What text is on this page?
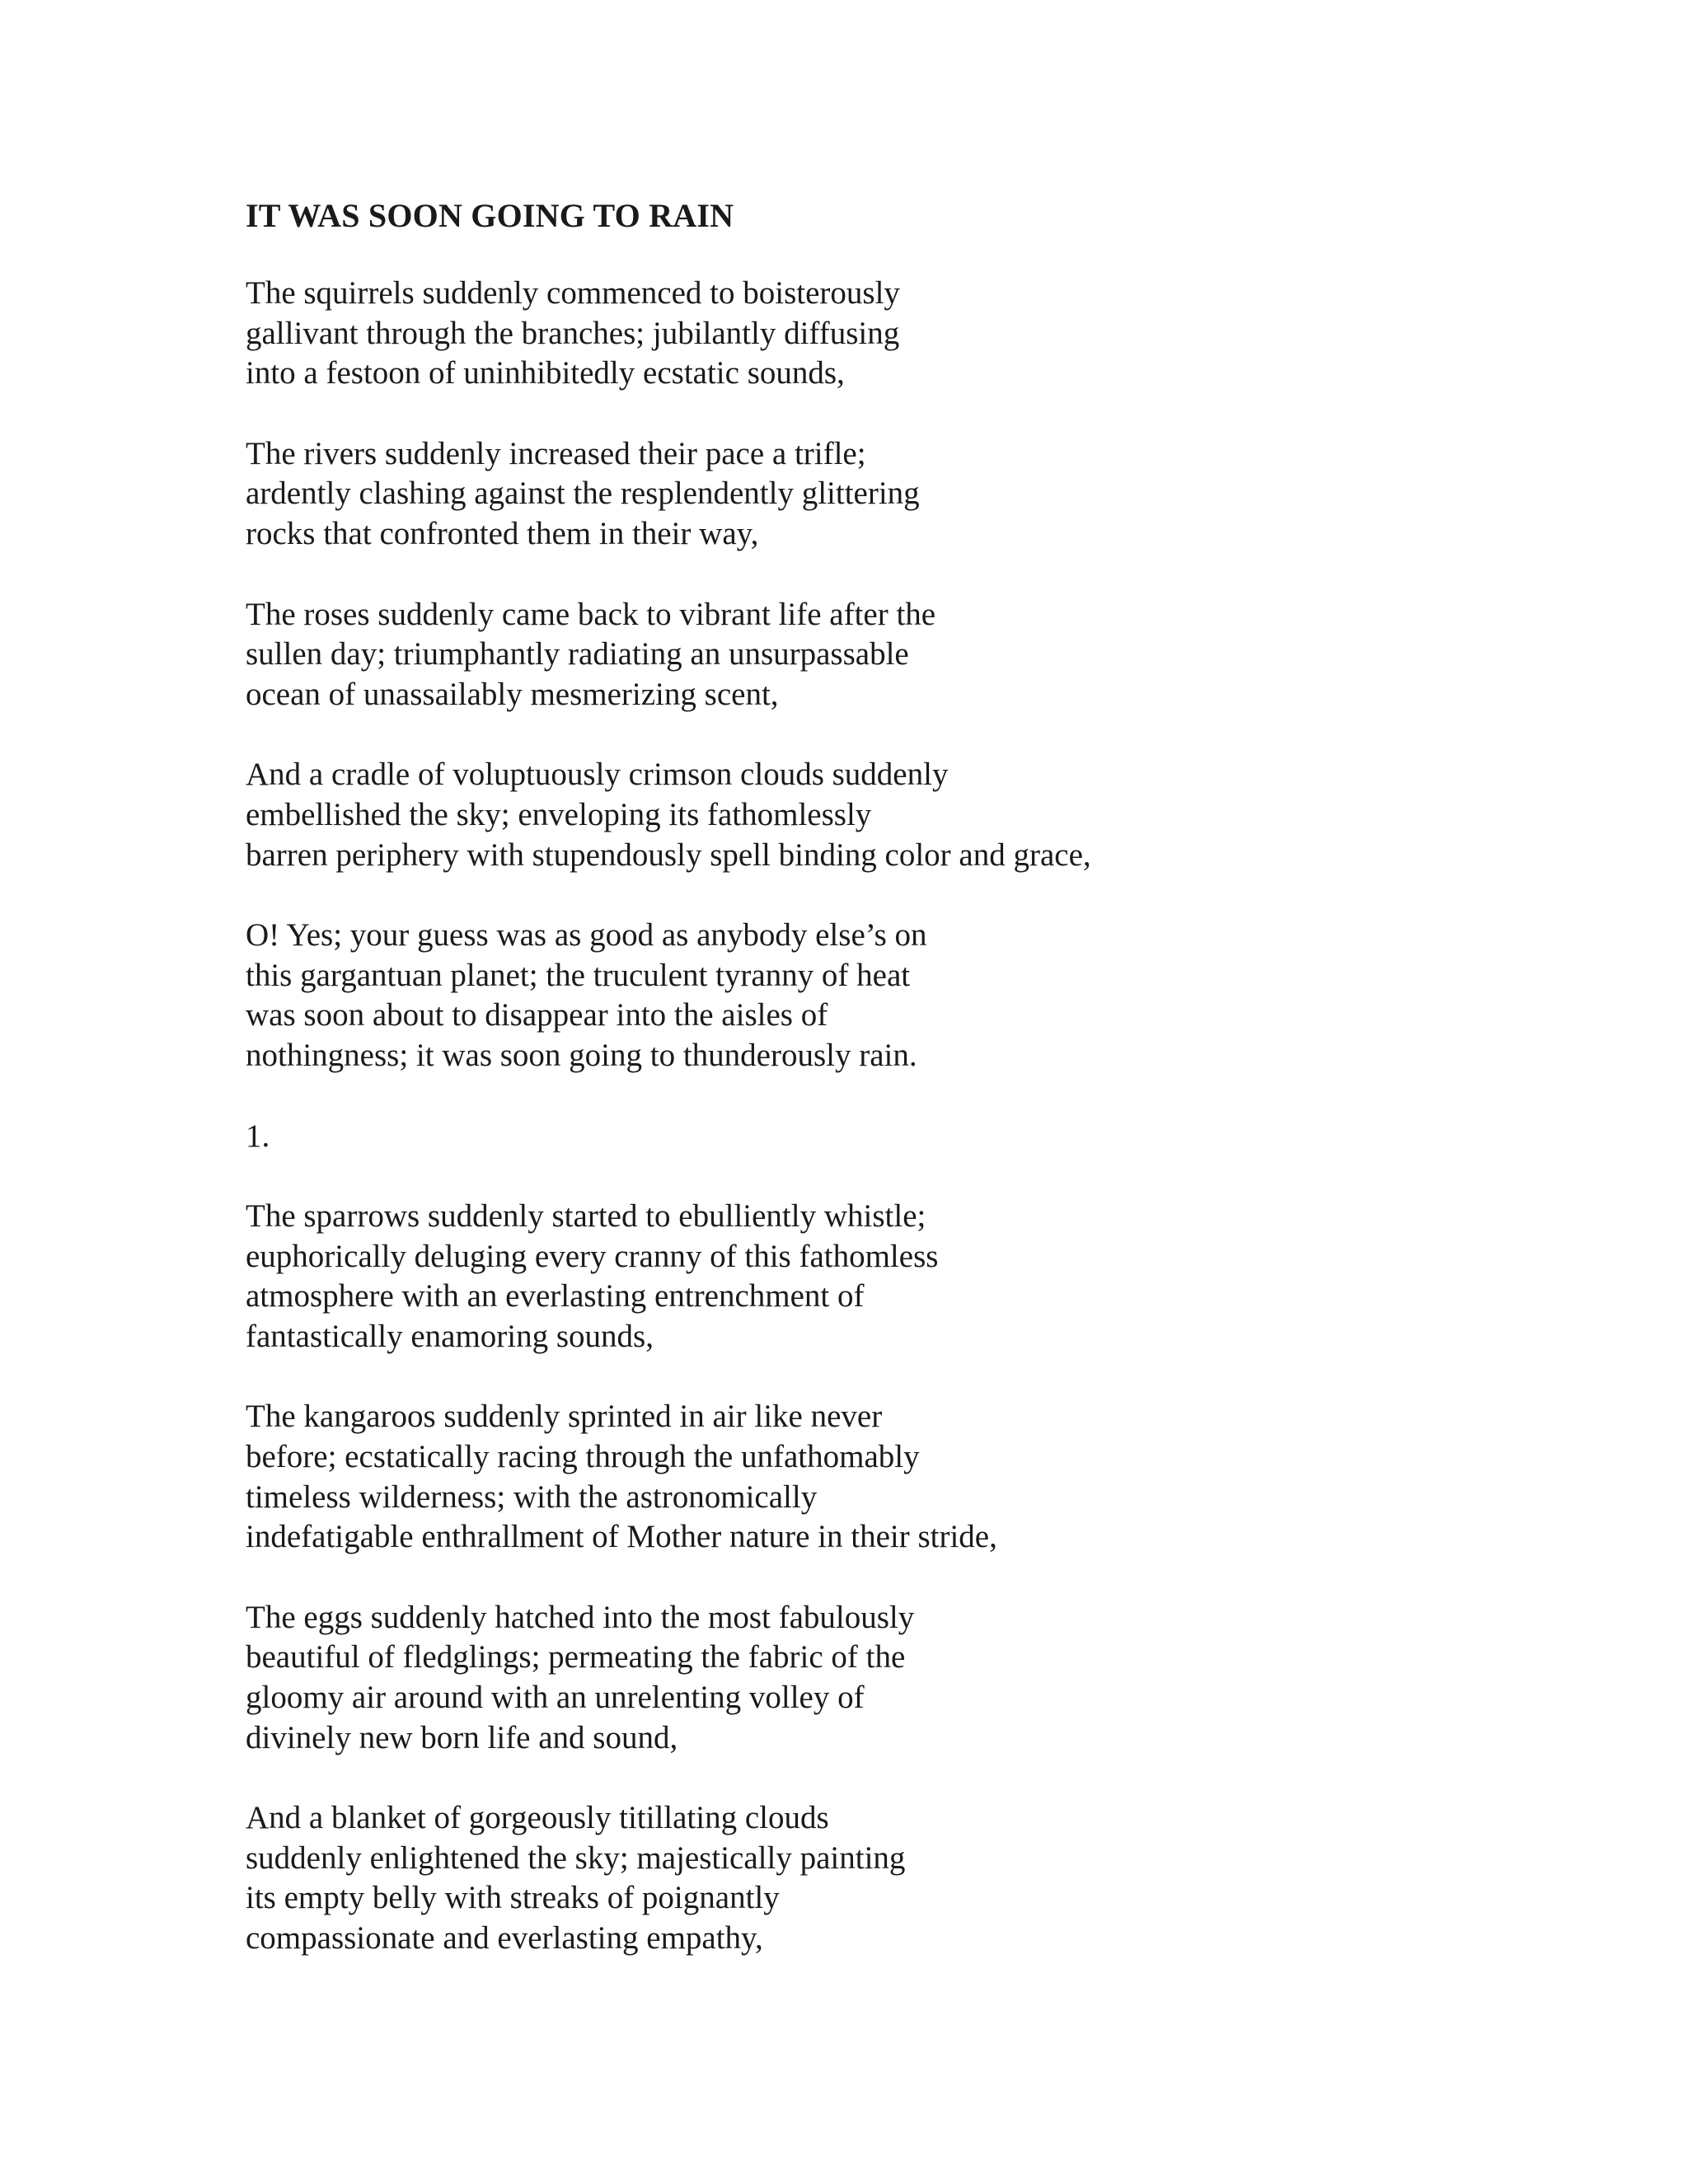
IT WAS SOON GOING TO RAIN
The squirrels suddenly commenced to boisterously
gallivant through the branches; jubilantly diffusing
into a festoon of uninhibitedly ecstatic sounds,
The rivers suddenly increased their pace a trifle;
ardently clashing against the resplendently glittering
rocks that confronted them in their way,
The roses suddenly came back to vibrant life after the
sullen day; triumphantly radiating an unsurpassable
ocean of unassailably mesmerizing scent,
And a cradle of voluptuously crimson clouds suddenly
embellished the sky; enveloping its fathomlessly
barren periphery with stupendously spell binding color and grace,
O! Yes; your guess was as good as anybody else’s on
this gargantuan planet; the truculent tyranny of heat
was soon about to disappear into the aisles of
nothingness; it was soon going to thunderously rain.
1.
The sparrows suddenly started to ebulliently whistle;
euphorically deluging every cranny of this fathomless
atmosphere with an everlasting entrenchment of
fantastically enamoring sounds,
The kangaroos suddenly sprinted in air like never
before; ecstatically racing through the unfathomably
timeless wilderness; with the astronomically
indefatigable enthrallment of Mother nature in their stride,
The eggs suddenly hatched into the most fabulously
beautiful of fledglings; permeating the fabric of the
gloomy air around with an unrelenting volley of
divinely new born life and sound,
And a blanket of gorgeously titillating clouds
suddenly enlightened the sky; majestically painting
its empty belly with streaks of poignantly
compassionate and everlasting empathy,
